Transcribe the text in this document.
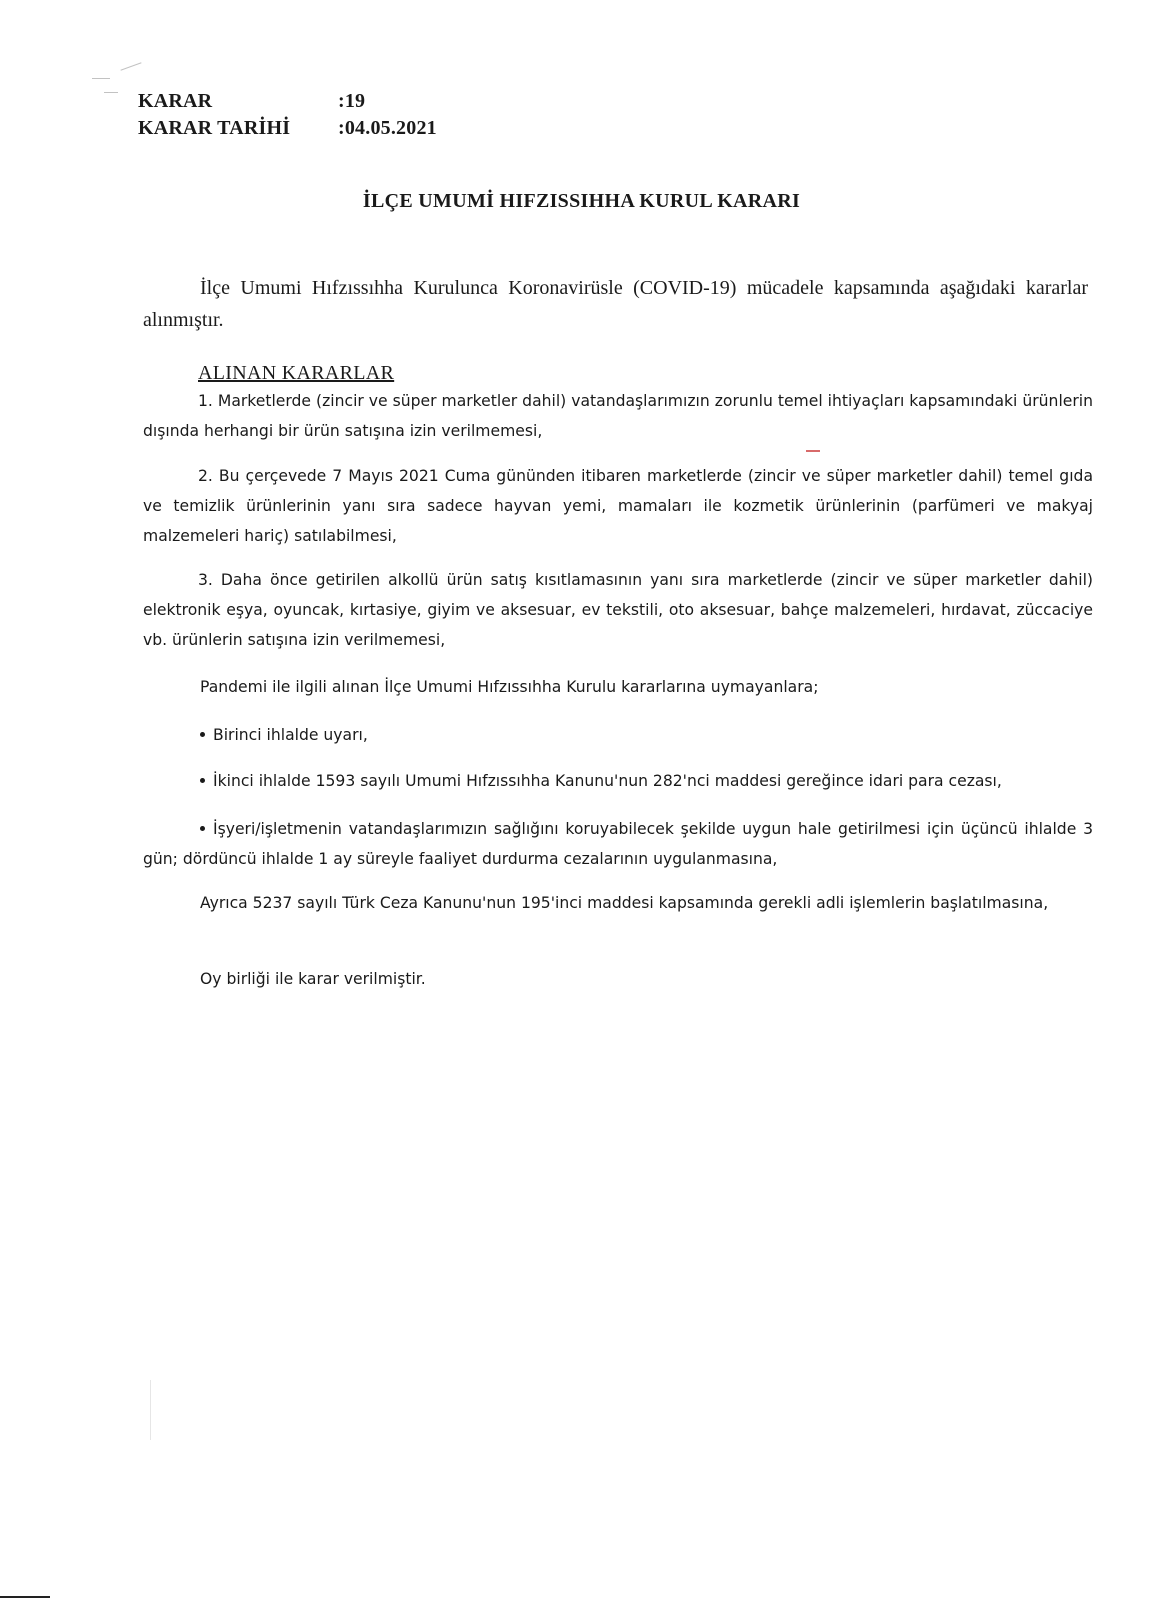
KARAR	:19
KARAR TARİHİ :04.05.2021
İLÇE UMUMİ HIFZISSIHHA KURUL KARARI
İlçe Umumi Hıfzıssıhha Kurulunca Koronavirüsle (COVID-19) mücadele kapsamında aşağıdaki kararlar alınmıştır.
ALINAN KARARLAR
1. Marketlerde (zincir ve süper marketler dahil) vatandaşlarımızın zorunlu temel ihtiyaçları kapsamındaki ürünlerin dışında herhangi bir ürün satışına izin verilmemesi,
2. Bu çerçevede 7 Mayıs 2021 Cuma gününden itibaren marketlerde (zincir ve süper marketler dahil) temel gıda ve temizlik ürünlerinin yanı sıra sadece hayvan yemi, mamaları ile kozmetik ürünlerinin (parfümeri ve makyaj malzemeleri hariç) satılabilmesi,
3. Daha önce getirilen alkollü ürün satış kısıtlamasının yanı sıra marketlerde (zincir ve süper marketler dahil) elektronik eşya, oyuncak, kırtasiye, giyim ve aksesuar, ev tekstili, oto aksesuar, bahçe malzemeleri, hırdavat, züccaciye vb. ürünlerin satışına izin verilmemesi,
Pandemi ile ilgili alınan İlçe Umumi Hıfzıssıhha Kurulu kararlarına uymayanlara;
Birinci ihlalde uyarı,
İkinci ihlalde 1593 sayılı Umumi Hıfzıssıhha Kanunu'nun 282'nci maddesi gereğince idari para cezası,
İşyeri/işletmenin vatandaşlarımızın sağlığını koruyabilecek şekilde uygun hale getirilmesi için üçüncü ihlalde 3 gün; dördüncü ihlalde 1 ay süreyle faaliyet durdurma cezalarının uygulanmasına,
Ayrıca 5237 sayılı Türk Ceza Kanunu'nun 195'inci maddesi kapsamında gerekli adli işlemlerin başlatılmasına,
Oy birliği ile karar verilmiştir.
